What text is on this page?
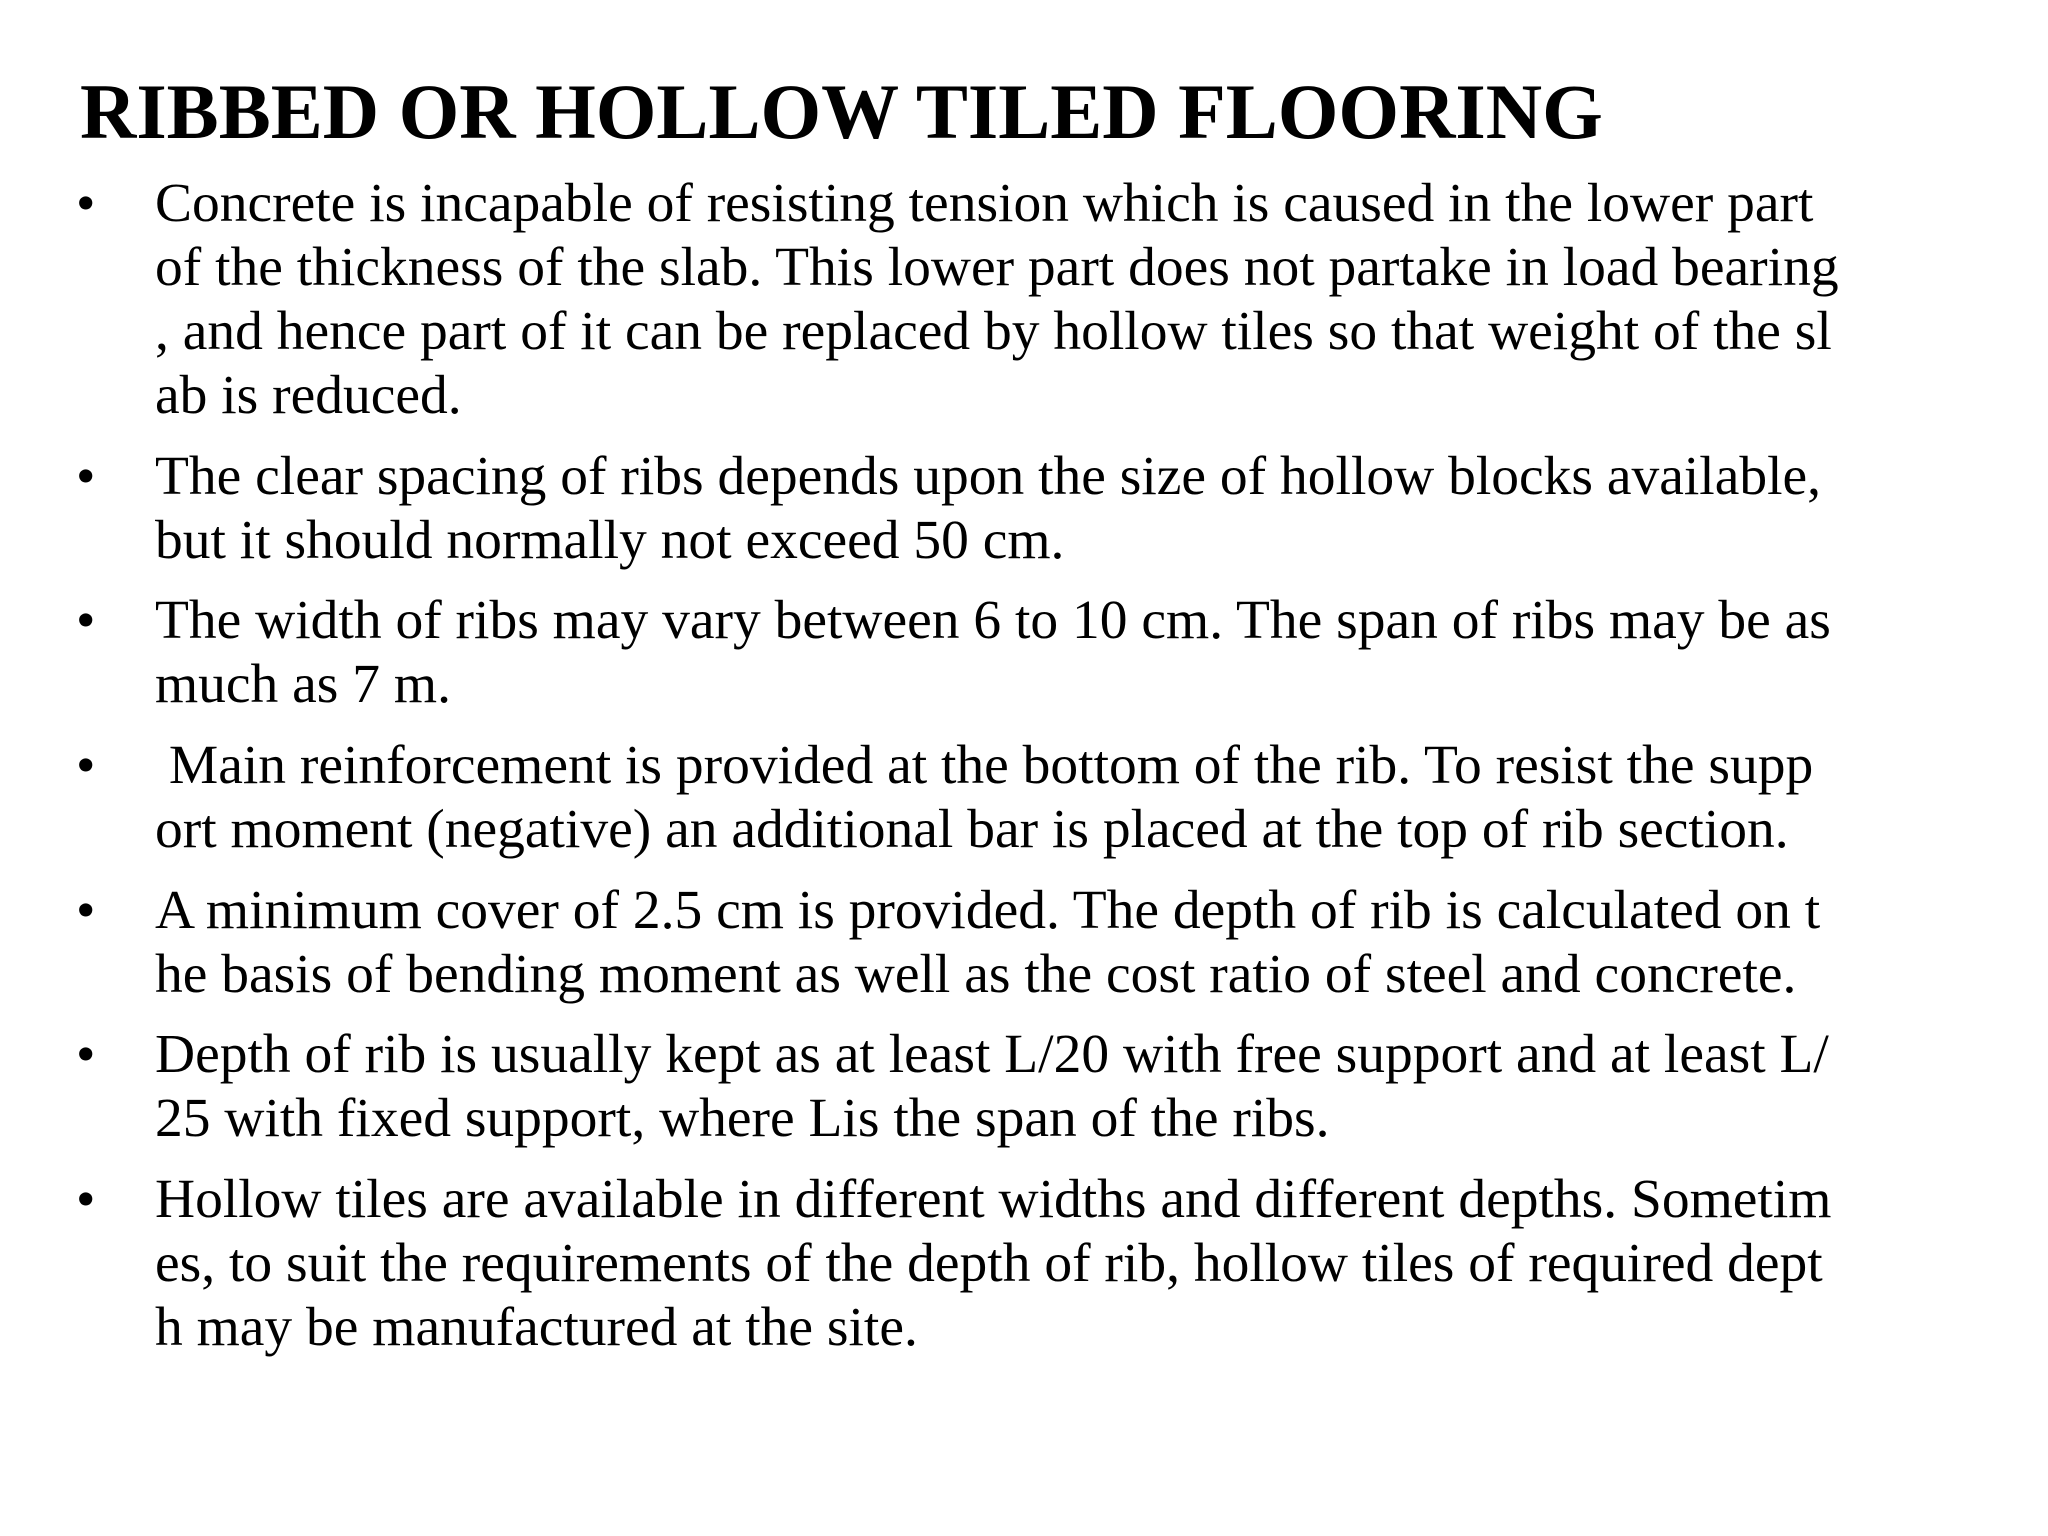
RIBBED OR HOLLOW TILED FLOORING
• Concrete is incapable of resisting tension which is caused in the lower part
of the thickness of the slab. This lower part does not partake in load bearing
, and hence part of it can be replaced by hollow tiles so that weight of the sl
ab is reduced.
• The clear spacing of ribs depends upon the size of hollow blocks available,
but it should normally not exceed 50 cm.
• The width of ribs may vary between 6 to 10 cm. The span of ribs may be as
much as 7 m.
• Main reinforcement is provided at the bottom of the rib. To resist the supp
ort moment (negative) an additional bar is placed at the top of rib section.
• A minimum cover of 2.5 cm is provided. The depth of rib is calculated on t
he basis of bending moment as well as the cost ratio of steel and concrete.
• Depth of rib is usually kept as at least L/20 with free support and at least L/
25 with fixed support, where Lis the span of the ribs.
• Hollow tiles are available in different widths and different depths. Sometim
es, to suit the requirements of the depth of rib, hollow tiles of required dept
h may be manufactured at the site.
